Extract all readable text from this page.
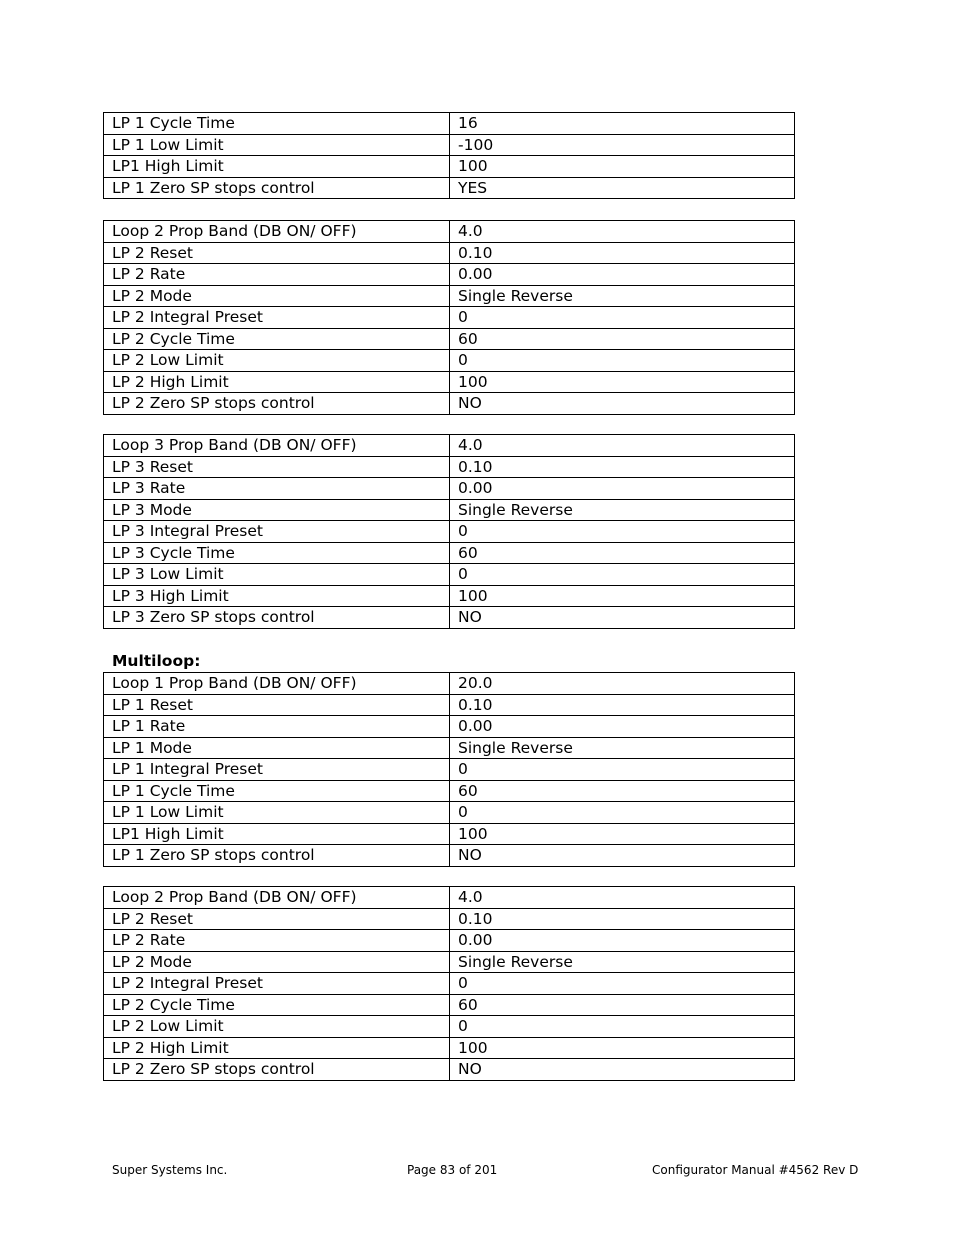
LP 1 Cycle Time	16
LP 1 Low Limit	-100
LP1 High Limit	100
LP 1 Zero SP stops control	YES
Loop 2 Prop Band (DB ON/ OFF)	4.0
LP 2 Reset	0.10
LP 2 Rate	0.00
LP 2 Mode	Single Reverse
LP 2 Integral Preset	0
LP 2 Cycle Time	60
LP 2 Low Limit	0
LP 2 High Limit	100
LP 2 Zero SP stops control	NO
Loop 3 Prop Band (DB ON/ OFF)	4.0
LP 3 Reset	0.10
LP 3 Rate	0.00
LP 3 Mode	Single Reverse
LP 3 Integral Preset	0
LP 3 Cycle Time	60
LP 3 Low Limit	0
LP 3 High Limit	100
LP 3 Zero SP stops control	NO
Multiloop:
Loop 1 Prop Band (DB ON/ OFF)	20.0
LP 1 Reset	0.10
LP 1 Rate	0.00
LP 1 Mode	Single Reverse
LP 1 Integral Preset	0
LP 1 Cycle Time	60
LP 1 Low Limit	0
LP1 High Limit	100
LP 1 Zero SP stops control	NO
Loop 2 Prop Band (DB ON/ OFF)	4.0
LP 2 Reset	0.10
LP 2 Rate	0.00
LP 2 Mode	Single Reverse
LP 2 Integral Preset	0
LP 2 Cycle Time	60
LP 2 Low Limit	0
LP 2 High Limit	100
LP 2 Zero SP stops control	NO
Super Systems Inc.	Page 83 of 201	Configurator Manual #4562 Rev D
